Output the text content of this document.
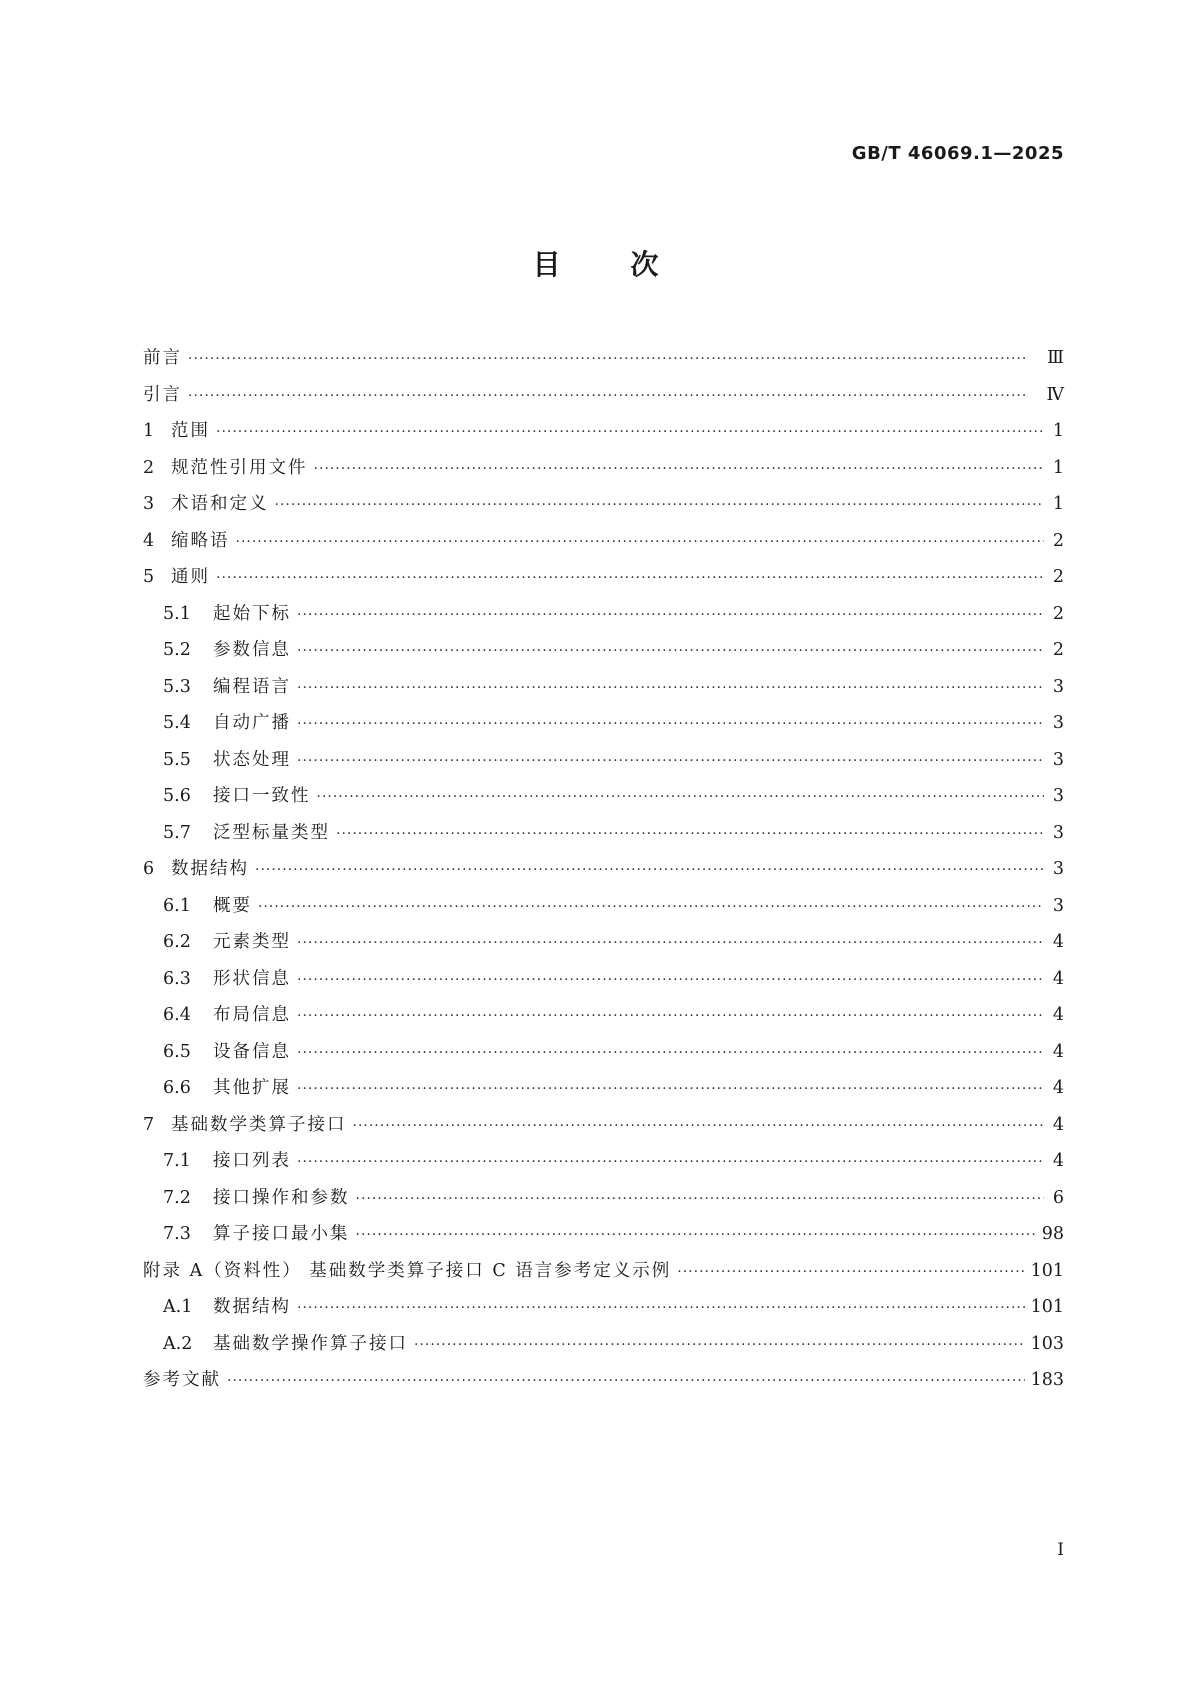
GB/T 46069.1—2025
目 次
前言 ·····	Ⅲ
引言 ·····	Ⅳ
1 范围 ·····	1
2 规范性引用文件 ·····	1
3 术语和定义 ·····	1
4 缩略语 ·····	2
5 通则 ·····	2
5.1	起始下标 ·····	2
5.2	参数信息 ·····	2
5.3	编程语言 ·····	3
5.4	自动广播 ·····	3
5.5	状态处理 ·····	3
5.6	接口一致性 ·····	3
5.7	泛型标量类型 ·····	3
6 数据结构 ·····	3
6.1	概要 ·····	3
6.2	元素类型 ·····	4
6.3	形状信息 ·····	4
6.4	布局信息 ·····	4
6.5	设备信息 ·····	4
6.6	其他扩展 ·····	4
7 基础数学类算子接口 ·····	4
7.1	接口列表 ·····	4
7.2	接口操作和参数 ·····	6
7.3	算子接口最小集 ·····	98
附录 A（资料性） 基础数学类算子接口 C 语言参考定义示例 ·····	101
A.1	数据结构 ·····	101
A.2	基础数学操作算子接口 ·····	103
参考文献 ·····	183
I
